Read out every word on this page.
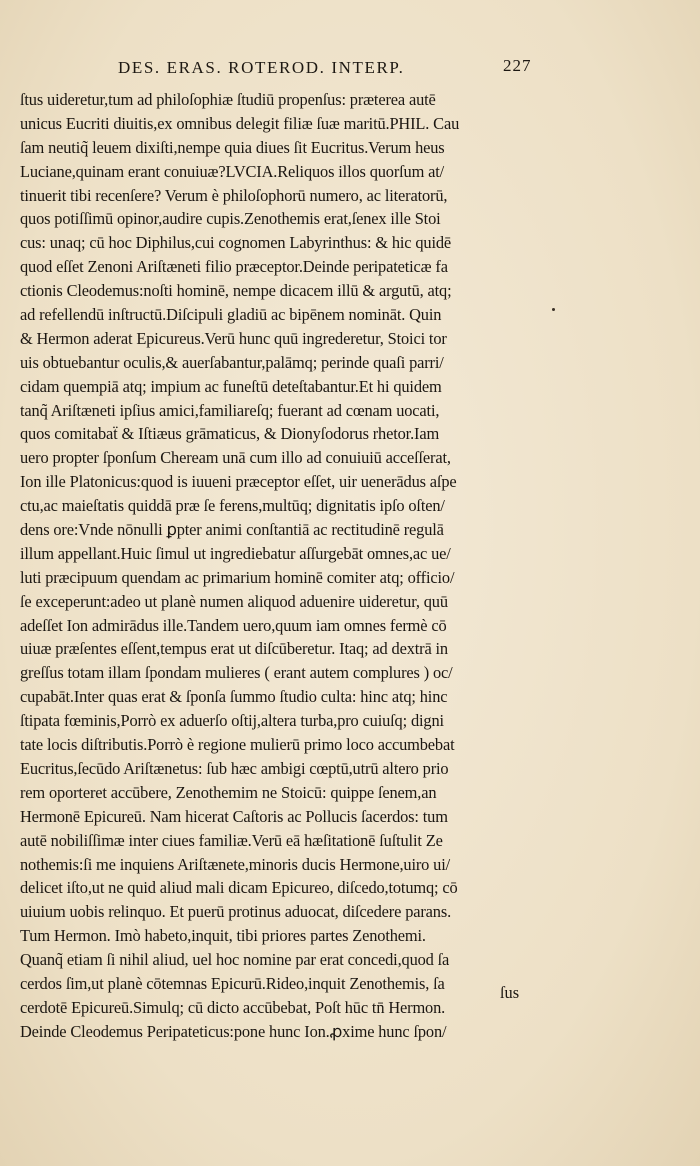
DES. ERAS. ROTEROD. INTERP.	227
ſtus uideretur,tum ad philoſophiæ ſtudiū propenſus: præterea autē
unicus Eucriti diuitis,ex omnibus delegit filiæ ſuæ maritū.PHIL. Cau
ſam neutiq̃ leuem dixiſti,nempe quia diues ſit Eucritus.Verum heus
Luciane,quinam erant conuiuæ?LVCIA.Reliquos illos quorſum at/
tinuerit tibi recenſere? Verum è philoſophorū numero, ac literatorū,
quos potiſſimū opinor,audire cupis.Zenothemis erat,ſenex ille Stoi
cus: unaq; cū hoc Diphilus,cui cognomen Labyrinthus: & hic quidē
quod eſſet Zenoni Ariſtæneti filio præceptor.Deinde peripateticæ fa
ctionis Cleodemus:noſti hominē, nempe dicacem illū & argutū, atq;
ad refellendū inſtructū.Diſcipuli gladiū ac bipēnem nomināt. Quin
& Hermon aderat Epicureus.Verū hunc quū ingrederetur, Stoici tor
uis obtuebantur oculis,& auerſabantur,palāmq; perinde quaſi parri/
cidam quempiā atq; impium ac funeſtū deteſtabantur.Et hi quidem
tanq̃ Ariſtæneti ipſius amici,familiareſq; fuerant ad cœnam uocati,
quos comitabaẗ & Iſtiæus grāmaticus, & Dionyſodorus rhetor.Iam
uero propter ſponſum Cheream unā cum illo ad conuiuiū acceſſerat,
Ion ille Platonicus:quod is iuueni præceptor eſſet, uir uenerādus aſpe
ctu,ac maieſtatis quiddā præ ſe ferens,multūq; dignitatis ipſo oſten/
dens ore:Vnde nōnulli ꝑpter animi conſtantiā ac rectitudinē regulā
illum appellant.Huic ſimul ut ingrediebatur aſſurgebāt omnes,ac ue/
luti præcipuum quendam ac primarium hominē comiter atq; officio/
ſe exceperunt:adeo ut planè numen aliquod aduenire uideretur, quū
adeſſet Ion admirādus ille.Tandem uero,quum iam omnes fermè cō
uiuæ præſentes eſſent,tempus erat ut diſcūberetur. Itaq; ad dextrā in
greſſus totam illam ſpondam mulieres ( erant autem complures ) oc/
cupabāt.Inter quas erat & ſponſa ſummo ſtudio culta: hinc atq; hinc
ſtipata fœminis,Porrò ex aduerſo oſtij,altera turba,pro cuiuſq; digni
tate locis diſtributis.Porrò è regione mulierū primo loco accumbebat
Eucritus,ſecūdo Ariſtænetus: ſub hæc ambigi cœptū,utrū altero prio
rem oporteret accūbere, Zenothemim ne Stoicū: quippe ſenem,an
Hermonē Epicureū. Nam hicerat Caſtoris ac Pollucis ſacerdos: tum
autē nobiliſſimæ inter ciues familiæ.Verū eā hæſitationē ſuſtulit Ze
nothemis:ſi me inquiens Ariſtænete,minoris ducis Hermone,uiro ui/
delicet iſto,ut ne quid aliud mali dicam Epicureo, diſcedo,totumq; cō
uiuium uobis relinquo. Et puerū protinus aduocat, diſcedere parans.
Tum Hermon. Imò habeto,inquit, tibi priores partes Zenothemi.
Quanq̃ etiam ſi nihil aliud, uel hoc nomine par erat concedi,quod ſa
cerdos ſim,ut planè cōtemnas Epicurū.Rideo,inquit Zenothemis, ſa
cerdotē Epicureū.Simulq; cū dicto accūbebat, Poſt hūc tn̄ Hermon.
Deinde Cleodemus Peripateticus:pone hunc Ion.ꝓxime hunc ſpon/
ſus
